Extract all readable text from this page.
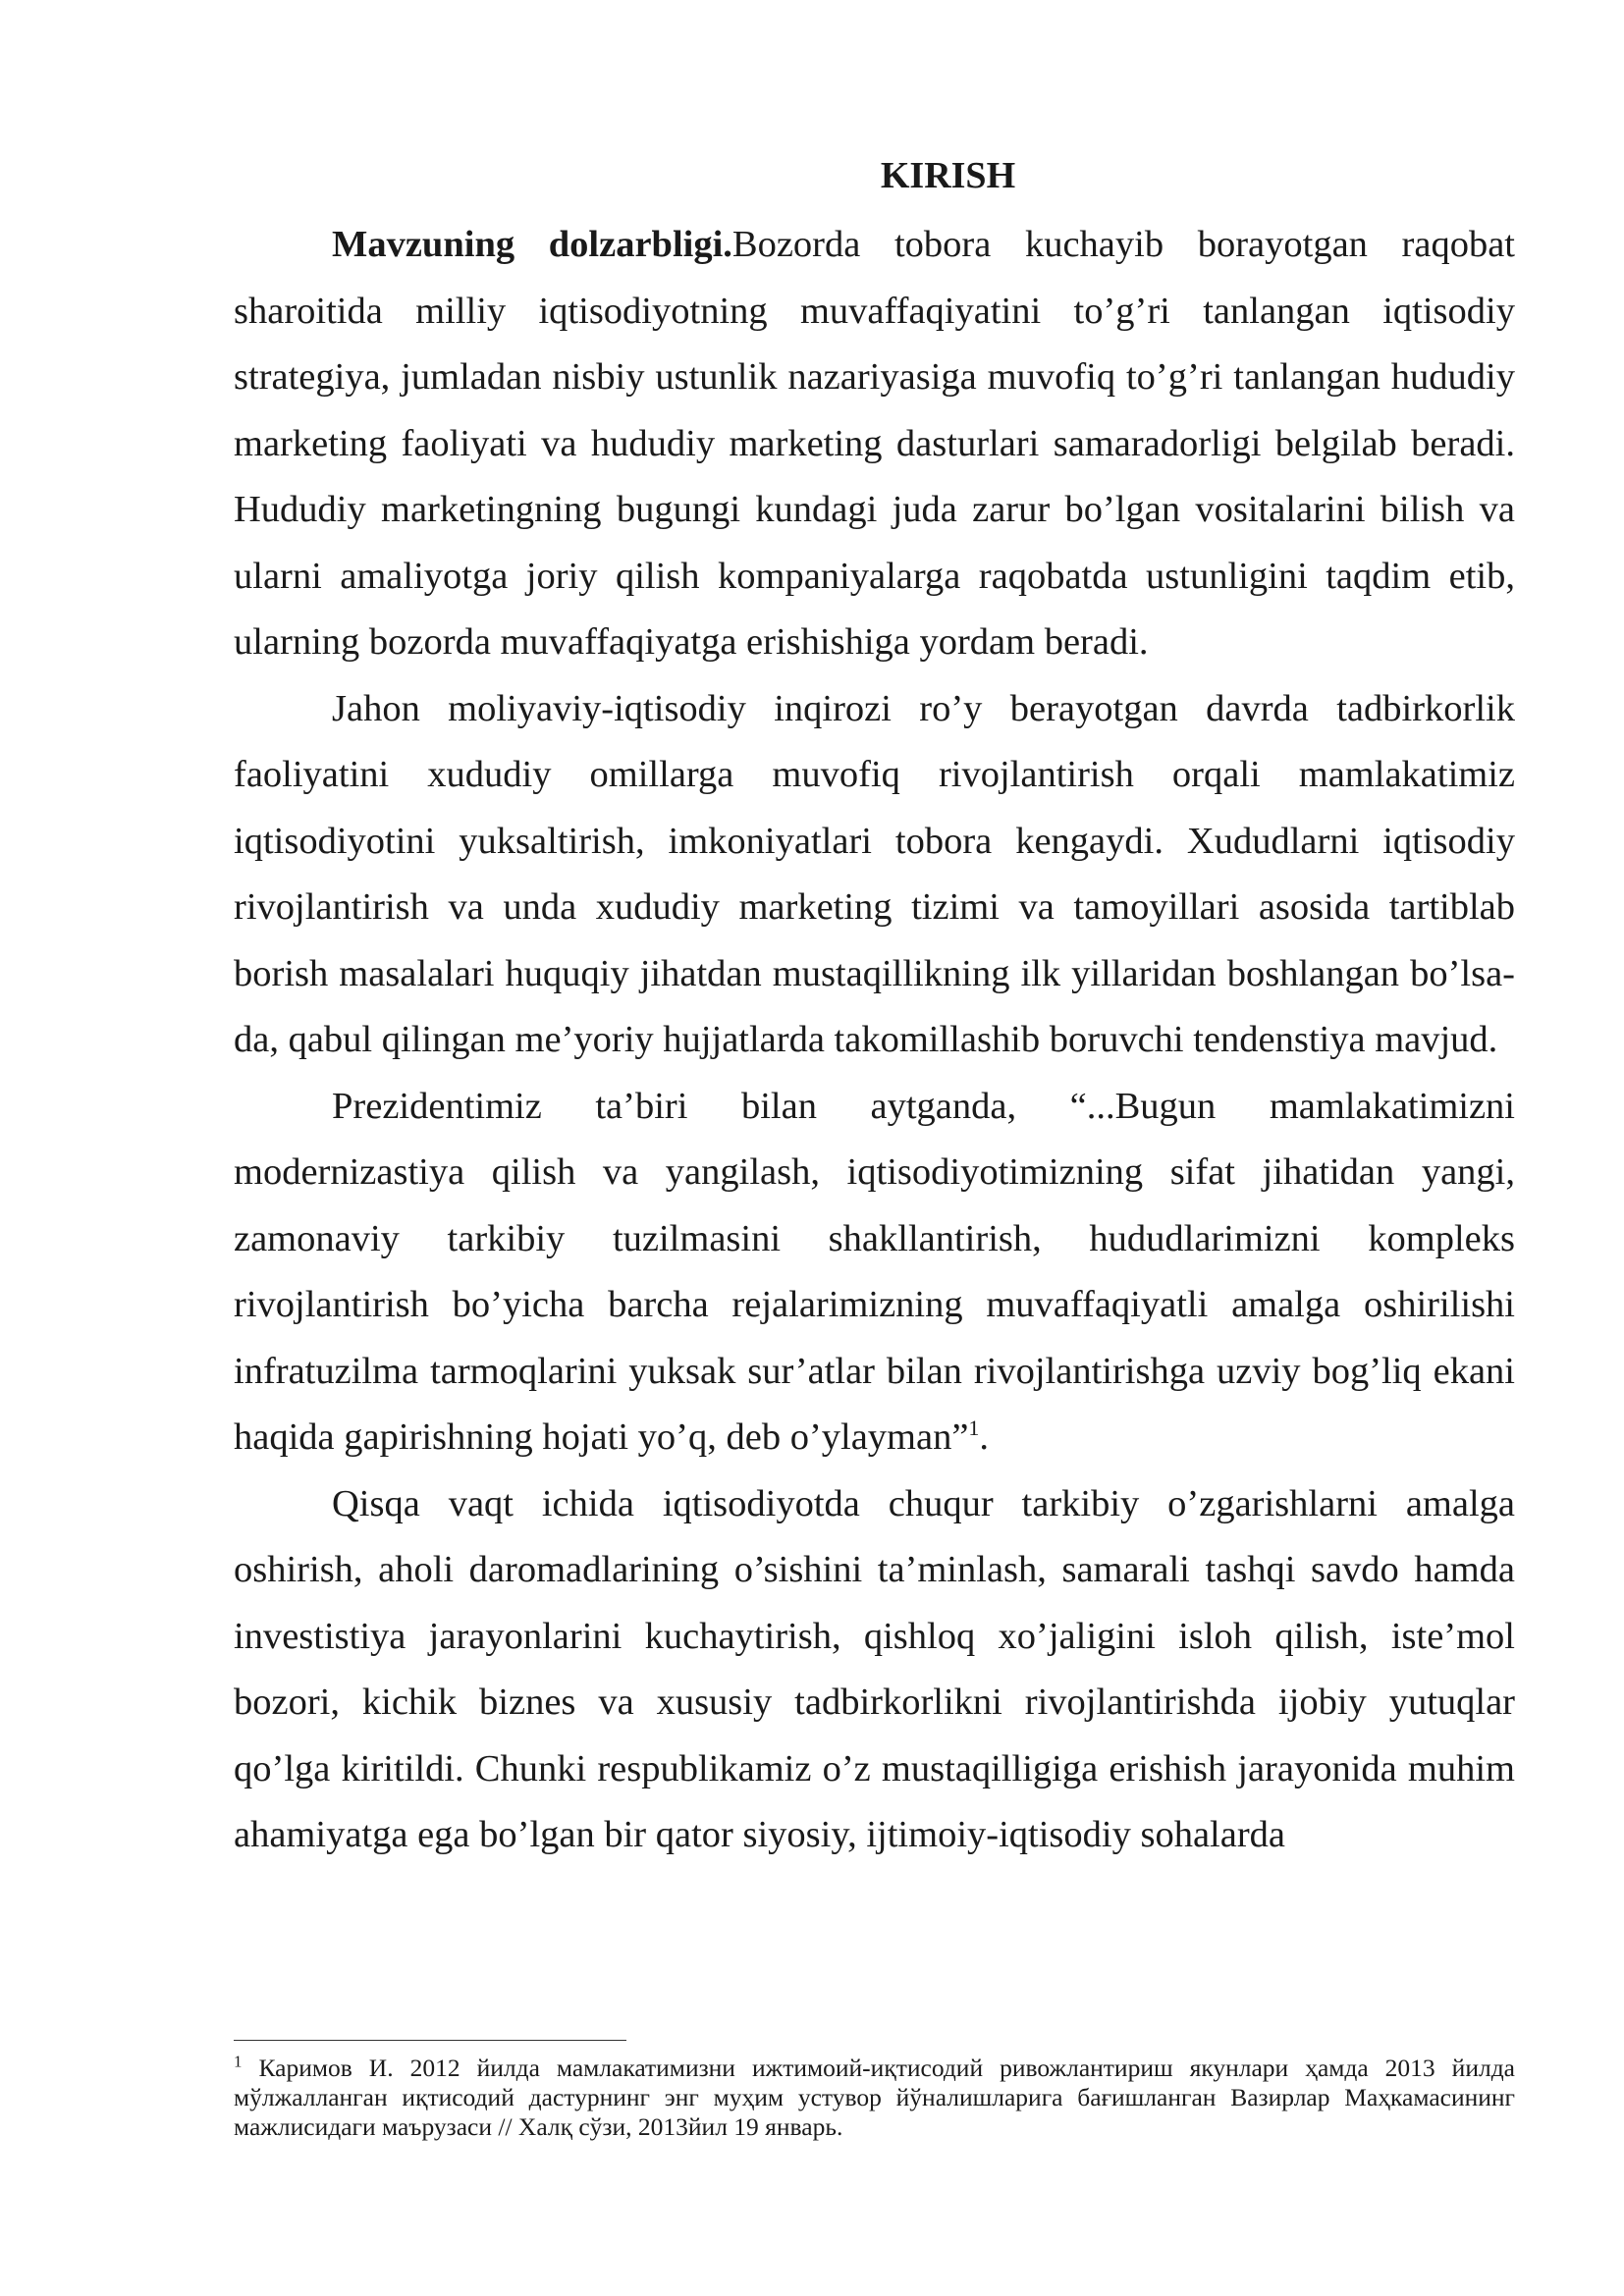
KIRISH

Mavzuning dolzarbligi.Bozorda tobora kuchayib borayotgan raqobat sharoitida milliy iqtisodiyotning muvaffaqiyatini to’g’ri tanlangan iqtisodiy strategiya, jumladan nisbiy ustunlik nazariyasiga muvofiq to’g’ri tanlangan hududiy marketing faoliyati va hududiy marketing dasturlari samaradorligi belgilab beradi. Hududiy marketingning bugungi kundagi juda zarur bo’lgan vositalarini bilish va ularni amaliyotga joriy qilish kompaniyalarga raqobatda ustunligini taqdim etib, ularning bozorda muvaffaqiyatga erishishiga yordam beradi.

Jahon moliyaviy-iqtisodiy inqirozi ro’y berayotgan davrda tadbirkorlik faoliyatini xududiy omillarga muvofiq rivojlantirish orqali mamlakatimiz iqtisodiyotini yuksaltirish, imkoniyatlari tobora kengaydi. Xududlarni iqtisodiy rivojlantirish va unda xududiy marketing tizimi va tamoyillari asosida tartiblab borish masalalari huquqiy jihatdan mustaqillikning ilk yillaridan boshlangan bo’lsa-da, qabul qilingan me’yoriy hujjatlarda takomillashib boruvchi tendenstiya mavjud.

Prezidentimiz ta’biri bilan aytganda, “...Bugun mamlakatimizni modernizastiya qilish va yangilash, iqtisodiyotimizning sifat jihatidan yangi, zamonaviy tarkibiy tuzilmasini shakllantirish, hududlarimizni kompleks rivojlantirish bo’yicha barcha rejalarimizning muvaffaqiyatli amalga oshirilishi infratuzilma tarmoqlarini yuksak sur’atlar bilan rivojlantirishga uzviy bog’liq ekani haqida gapirishning hojati yo’q, deb o’ylayman”$^1$.

Qisqa vaqt ichida iqtisodiyotda chuqur tarkibiy o’zgarishlarni amalga oshirish, aholi daromadlarining o’sishini ta’minlash, samarali tashqi savdo hamda investistiya jarayonlarini kuchaytirish, qishloq xo’jaligini isloh qilish, iste’mol bozori, kichik biznes va xususiy tadbirkorlikni rivojlantirishda ijobiy yutuqlar qo’lga kiritildi. Chunki respublikamiz o’z mustaqilligiga erishish jarayonida muhim ahamiyatga ega bo’lgan bir qator siyosiy, ijtimoiy-iqtisodiy sohalarda

$^1$ Каримов И. 2012 йилда мамлакатимизни ижтимоий-иқтисодий ривожлантириш якунлари ҳамда 2013 йилда мўлжалланган иқтисодий дастурнинг энг муҳим устувор йўналишларига бағишланган Вазирлар Маҳкамасининг мажлисидаги маърузаси // Халқ сўзи, 2013йил 19 январь.
